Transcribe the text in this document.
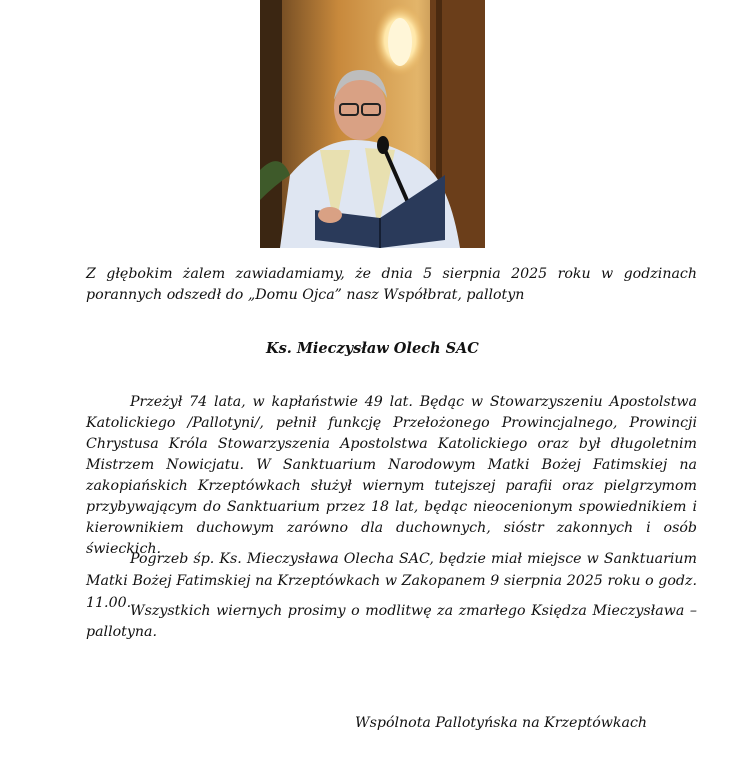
Z głębokim żalem zawiadamiamy, że dnia 5 sierpnia 2025 roku w godzinach porannych odszedł do „Domu Ojca” nasz Współbrat, pallotyn
Ks. Mieczysław Olech SAC
Przeżył 74 lata, w kapłaństwie 49 lat. Będąc w Stowarzyszeniu Apostolstwa Katolickiego /Pallotyni/, pełnił funkcję Przełożonego Prowincjalnego, Prowincji Chrystusa Króla Stowarzyszenia Apostolstwa Katolickiego oraz był długoletnim Mistrzem Nowicjatu. W Sanktuarium Narodowym Matki Bożej Fatimskiej na zakopiańskich Krzeptówkach służył wiernym tutejszej parafii oraz pielgrzymom przybywającym do Sanktuarium przez 18 lat, będąc nieocenionym spowiednikiem i kierownikiem duchowym zarówno dla duchownych, sióstr zakonnych i osób świeckich.
Pogrzeb śp. Ks. Mieczysława Olecha SAC, będzie miał miejsce w Sanktuarium Matki Bożej Fatimskiej na Krzeptówkach w Zakopanem 9 sierpnia 2025 roku o godz. 11.00.
Wszystkich wiernych prosimy o modlitwę za zmarłego Księdza Mieczysława – pallotyna.
Wspólnota Pallotyńska na Krzeptówkach
